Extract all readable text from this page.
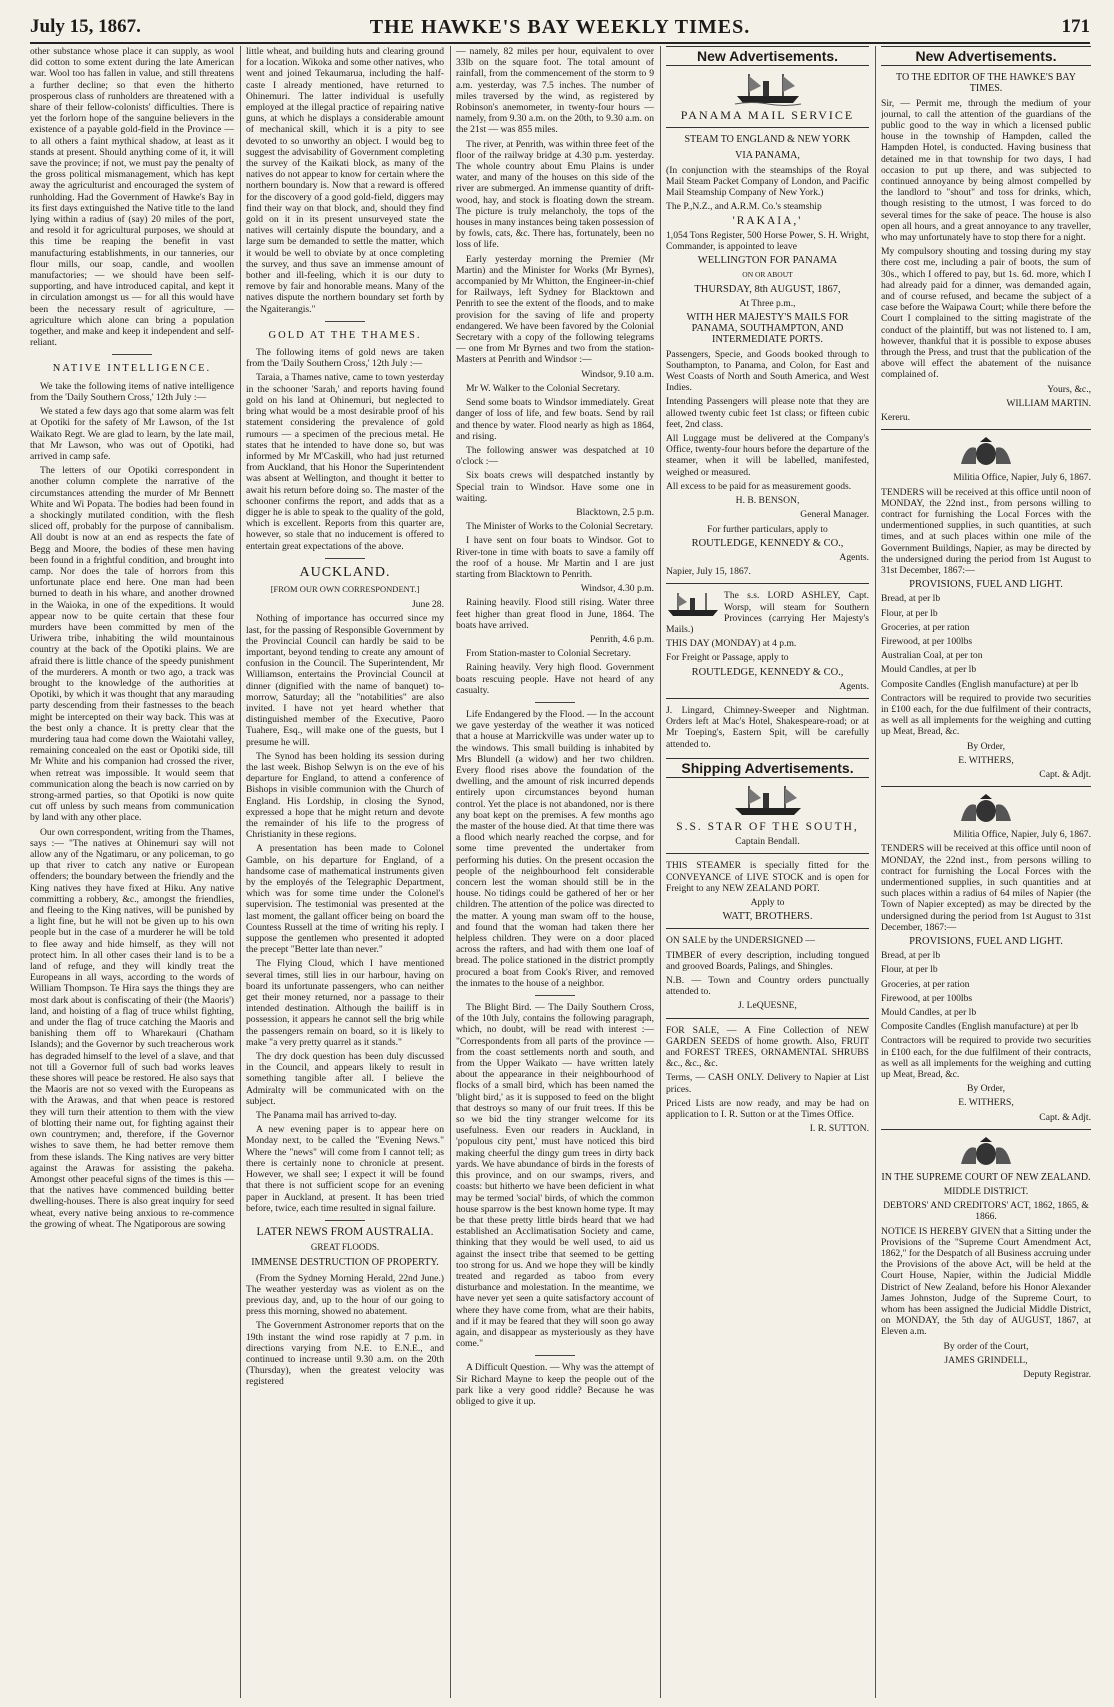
July 15, 1867.	THE HAWKE'S BAY WEEKLY TIMES.	171

other substance whose place it can supply, as wool did cotton to some extent during the late American war. Wool too has fallen in value, and still threatens a further decline; so that even the hitherto prosperous class of runholders are threatened with a share of their fellow-colonists' difficulties. There is yet the forlorn hope of the sanguine believers in the existence of a payable gold-field in the Province — to all others a faint mythical shadow, at least as it stands at present. Should anything come of it, it will save the province; if not, we must pay the penalty of the gross political mismanagement, which has kept away the agriculturist and encouraged the system of runholding. Had the Government of Hawke's Bay in its first days extinguished the Native title to the land lying within a radius of (say) 20 miles of the port, and resold it for agricultural purposes, we should at this time be reaping the benefit in vast manufacturing establishments, in our tanneries, our flour mills, our soap, candle, and woollen manufactories; — we should have been self-supporting, and have introduced capital, and kept it in circulation amongst us — for all this would have been the necessary result of agriculture, — agriculture which alone can bring a population together, and make and keep it independent and self-reliant.

NATIVE INTELLIGENCE.

We take the following items of native intelligence from the 'Daily Southern Cross,' 12th July :—

We stated a few days ago that some alarm was felt at Opotiki for the safety of Mr Lawson, of the 1st Waikato Regt. We are glad to learn, by the late mail, that Mr Lawson, who was out of Opotiki, had arrived in camp safe.

The letters of our Opotiki correspondent in another column complete the narrative of the circumstances attending the murder of Mr Bennett White and Wi Popata. The bodies had been found in a shockingly mutilated condition, with the flesh sliced off, probably for the purpose of cannibalism. All doubt is now at an end as respects the fate of Begg and Moore, the bodies of these men having been found in a frightful condition, and brought into camp. Nor does the tale of horrors from this unfortunate place end here. One man had been burned to death in his whare, and another drowned in the Waioka, in one of the expeditions. It would appear now to be quite certain that these four murders have been committed by men of the Uriwera tribe, inhabiting the wild mountainous country at the back of the Opotiki plains. We are afraid there is little chance of the speedy punishment of the murderers. A month or two ago, a track was brought to the knowledge of the authorities at Opotiki, by which it was thought that any marauding party descending from their fastnesses to the beach might be intercepted on their way back. This was at the best only a chance. It is pretty clear that the murdering taua had come down the Waiotahi valley, remaining concealed on the east or Opotiki side, till Mr White and his companion had crossed the river, when retreat was impossible. It would seem that communication along the beach is now carried on by strong-armed parties, so that Opotiki is now quite cut off unless by such means from communication by land with any other place.

Our own correspondent, writing from the Thames, says :— "The natives at Ohinemuri say will not allow any of the Ngatimaru, or any policeman, to go up that river to catch any native or European offenders; the boundary between the friendly and the King natives they have fixed at Hiku. Any native committing a robbery, &c., amongst the friendlies, and fleeing to the King natives, will be punished by a light fine, but he will not be given up to his own people but in the case of a murderer he will be told to flee away and hide himself, as they will not protect him. In all other cases their land is to be a land of refuge, and they will kindly treat the Europeans in all ways, according to the words of William Thompson. Te Hira says the things they are most dark about is confiscating of their (the Maoris') land, and hoisting of a flag of truce whilst fighting, and under the flag of truce catching the Maoris and banishing them off to Wharekauri (Chatham Islands); and the Governor by such treacherous work has degraded himself to the level of a slave, and that not till a Governor full of such bad works leaves these shores will peace be restored. He also says that the Maoris are not so vexed with the Europeans as with the Arawas, and that when peace is restored they will turn their attention to them with the view of blotting their name out, for fighting against their own countrymen; and, therefore, if the Governor wishes to save them, he had better remove them from these islands. The King natives are very bitter against the Arawas for assisting the pakeha. Amongst other peaceful signs of the times is this — that the natives have commenced building better dwelling-houses. There is also great inquiry for seed wheat, every native being anxious to re-commence the growing of wheat. The Ngatiporous are sowing

little wheat, and building huts and clearing ground for a location. Wikoka and some other natives, who went and joined Tekaumarua, including the half-caste I already mentioned, have returned to Ohinemuri. The latter individual is usefully employed at the illegal practice of repairing native guns, at which he displays a considerable amount of mechanical skill, which it is a pity to see devoted to so unworthy an object. I would beg to suggest the advisability of Government completing the survey of the Kaikati block, as many of the natives do not appear to know for certain where the northern boundary is. Now that a reward is offered for the discovery of a good gold-field, diggers may find their way on that block, and, should they find gold on it in its present unsurveyed state the natives will certainly dispute the boundary, and a large sum be demanded to settle the matter, which it would be well to obviate by at once completing the survey, and thus save an immense amount of bother and ill-feeling, which it is our duty to remove by fair and honorable means. Many of the natives dispute the northern boundary set forth by the Ngaiterangis."

GOLD AT THE THAMES.

The following items of gold news are taken from the 'Daily Southern Cross,' 12th July :—

Taraia, a Thames native, came to town yesterday in the schooner 'Sarah,' and reports having found gold on his land at Ohinemuri, but neglected to bring what would be a most desirable proof of his statement considering the prevalence of gold rumours — a specimen of the precious metal. He states that he intended to have done so, but was informed by Mr M'Caskill, who had just returned from Auckland, that his Honor the Superintendent was absent at Wellington, and thought it better to await his return before doing so. The master of the schooner confirms the report, and adds that as a digger he is able to speak to the quality of the gold, which is excellent. Reports from this quarter are, however, so stale that no inducement is offered to entertain great expectations of the above.

AUCKLAND.
[FROM OUR OWN CORRESPONDENT.]

June 28.

Nothing of importance has occurred since my last, for the passing of Responsible Government by the Provincial Council can hardly be said to be important, beyond tending to create any amount of confusion in the Council. The Superintendent, Mr Williamson, entertains the Provincial Council at dinner (dignified with the name of banquet) to-morrow, Saturday; all the "notabilities" are also invited. I have not yet heard whether that distinguished member of the Executive, Paoro Tuahere, Esq., will make one of the guests, but I presume he will.

The Synod has been holding its session during the last week. Bishop Selwyn is on the eve of his departure for England, to attend a conference of Bishops in visible communion with the Church of England. His Lordship, in closing the Synod, expressed a hope that he might return and devote the remainder of his life to the progress of Christianity in these regions.

A presentation has been made to Colonel Gamble, on his departure for England, of a handsome case of mathematical instruments given by the employés of the Telegraphic Department, which was for some time under the Colonel's supervision. The testimonial was presented at the last moment, the gallant officer being on board the Countess Russell at the time of writing his reply. I suppose the gentlemen who presented it adopted the precept "Better late than never."

The Flying Cloud, which I have mentioned several times, still lies in our harbour, having on board its unfortunate passengers, who can neither get their money returned, nor a passage to their intended destination. Although the bailiff is in possession, it appears he cannot sell the brig while the passengers remain on board, so it is likely to make "a very pretty quarrel as it stands."

The dry dock question has been duly discussed in the Council, and appears likely to result in something tangible after all. I believe the Admiralty will be communicated with on the subject.

The Panama mail has arrived to-day.

A new evening paper is to appear here on Monday next, to be called the "Evening News." Where the "news" will come from I cannot tell; as there is certainly none to chronicle at present. However, we shall see; I expect it will be found that there is not sufficient scope for an evening paper in Auckland, at present. It has been tried before, twice, each time resulted in signal failure.

LATER NEWS FROM AUSTRALIA.
GREAT FLOODS.
IMMENSE DESTRUCTION OF PROPERTY.

(From the Sydney Morning Herald, 22nd June.) The weather yesterday was as violent as on the previous day, and, up to the hour of our going to press this morning, showed no abatement.

The Government Astronomer reports that on the 19th instant the wind rose rapidly at 7 p.m. in directions varying from N.E. to E.N.E., and continued to increase until 9.30 a.m. on the 20th (Thursday), when the greatest velocity was registered

— namely, 82 miles per hour, equivalent to over 33lb on the square foot. The total amount of rainfall, from the commencement of the storm to 9 a.m. yesterday, was 7.5 inches. The number of miles traversed by the wind, as registered by Robinson's anemometer, in twenty-four hours — namely, from 9.30 a.m. on the 20th, to 9.30 a.m. on the 21st — was 855 miles.

The river, at Penrith, was within three feet of the floor of the railway bridge at 4.30 p.m. yesterday. The whole country about Emu Plains is under water, and many of the houses on this side of the river are submerged. An immense quantity of drift-wood, hay, and stock is floating down the stream. The picture is truly melancholy, the tops of the houses in many instances being taken possession of by fowls, cats, &c. There has, fortunately, been no loss of life.

Early yesterday morning the Premier (Mr Martin) and the Minister for Works (Mr Byrnes), accompanied by Mr Whitton, the Engineer-in-chief for Railways, left Sydney for Blacktown and Penrith to see the extent of the floods, and to make provision for the saving of life and property endangered. We have been favored by the Colonial Secretary with a copy of the following telegrams — one from Mr Byrnes and two from the station-Masters at Penrith and Windsor :—

Windsor, 9.10 a.m.

Mr W. Walker to the Colonial Secretary.

Send some boats to Windsor immediately. Great danger of loss of life, and few boats. Send by rail and thence by water. Flood nearly as high as 1864, and rising.

The following answer was despatched at 10 o'clock :—

Six boats crews will despatched instantly by Special train to Windsor. Have some one in waiting.

Blacktown, 2.5 p.m.

The Minister of Works to the Colonial Secretary.

I have sent on four boats to Windsor. Got to River-tone in time with boats to save a family off the roof of a house. Mr Martin and I are just starting from Blacktown to Penrith.

Windsor, 4.30 p.m.

Raining heavily. Flood still rising. Water three feet higher than great flood in June, 1864. The boats have arrived.

Penrith, 4.6 p.m.

From Station-master to Colonial Secretary.

Raining heavily. Very high flood. Government boats rescuing people. Have not heard of any casualty.

Life Endangered by the Flood. — In the account we gave yesterday of the weather it was noticed that a house at Marrickville was under water up to the windows. This small building is inhabited by Mrs Blundell (a widow) and her two children. Every flood rises above the foundation of the dwelling, and the amount of risk incurred depends entirely upon circumstances beyond human control. Yet the place is not abandoned, nor is there any boat kept on the premises. A few months ago the master of the house died. At that time there was a flood which nearly reached the corpse, and for some time prevented the undertaker from performing his duties. On the present occasion the people of the neighbourhood felt considerable concern lest the woman should still be in the house. No tidings could be gathered of her or her children. The attention of the police was directed to the matter. A young man swam off to the house, and found that the woman had taken there her helpless children. They were on a door placed across the rafters, and had with them one loaf of bread. The police stationed in the district promptly procured a boat from Cook's River, and removed the inmates to the house of a neighbor.

The Blight Bird. — The Daily Southern Cross, of the 10th July, contains the following paragraph, which, no doubt, will be read with interest :— "Correspondents from all parts of the province — from the coast settlements north and south, and from the Upper Waikato — have written lately about the appearance in their neighbourhood of flocks of a small bird, which has been named the 'blight bird,' as it is supposed to feed on the blight that destroys so many of our fruit trees. If this be so we bid the tiny stranger welcome for its usefulness. Even our readers in Auckland, in 'populous city pent,' must have noticed this bird making cheerful the dingy gum trees in dirty back yards. We have abundance of birds in the forests of this province, and on our swamps, rivers, and coasts: but hitherto we have been deficient in what may be termed 'social' birds, of which the common house sparrow is the best known home type. It may be that these pretty little birds heard that we had established an Acclimatisation Society and came, thinking that they would be well used, to aid us against the insect tribe that seemed to be getting too strong for us. And we hope they will be kindly treated and regarded as taboo from every disturbance and molestation. In the meantime, we have never yet seen a quite satisfactory account of where they have come from, what are their habits, and if it may be feared that they will soon go away again, and disappear as mysteriously as they have come."

A Difficult Question. — Why was the attempt of Sir Richard Mayne to keep the people out of the park like a very good riddle? Because he was obliged to give it up.

New Advertisements.

PANAMA MAIL SERVICE

STEAM TO ENGLAND & NEW YORK

VIA PANAMA,

(In conjunction with the steamships of the Royal Mail Steam Packet Company of London, and Pacific Mail Steamship Company of New York.)

The P.,N.Z., and A.R.M. Co.'s steamship

'RAKAIA,'

1,054 Tons Register, 500 Horse Power, S. H. Wright, Commander, is appointed to leave

WELLINGTON FOR PANAMA

ON OR ABOUT

THURSDAY, 8th AUGUST, 1867,

At Three p.m.,

WITH HER MAJESTY'S MAILS FOR PANAMA, SOUTHAMPTON, AND INTERMEDIATE PORTS.

Passengers, Specie, and Goods booked through to Southampton, to Panama, and Colon, for East and West Coasts of North and South America, and West Indies.

Intending Passengers will please note that they are allowed twenty cubic feet 1st class; or fifteen cubic feet, 2nd class.

All Luggage must be delivered at the Company's Office, twenty-four hours before the departure of the steamer, when it will be labelled, manifested, weighed or measured.

All excess to be paid for as measurement goods.

H. B. BENSON,

General Manager.

For further particulars, apply to

ROUTLEDGE, KENNEDY & CO.,

Agents.

Napier, July 15, 1867.

The s.s. LORD ASHLEY, Capt. Worsp, will steam for Southern Provinces (carrying Her Majesty's Mails.)

THIS DAY (MONDAY) at 4 p.m.

For Freight or Passage, apply to

ROUTLEDGE, KENNEDY & CO.,

Agents.

J. Lingard, Chimney-Sweeper and Nightman. Orders left at Mac's Hotel, Shakespeare-road; or at Mr Toeping's, Eastern Spit, will be carefully attended to.

Shipping Advertisements.

S.S. STAR OF THE SOUTH,

Captain Bendall.

THIS STEAMER is specially fitted for the CONVEYANCE of LIVE STOCK and is open for Freight to any NEW ZEALAND PORT.

Apply to

WATT, BROTHERS.

ON SALE by the UNDERSIGNED —

TIMBER of every description, including tongued and grooved Boards, Palings, and Shingles.

N.B. — Town and Country orders punctually attended to.

J. LeQUESNE,

FOR SALE, — A Fine Collection of NEW GARDEN SEEDS of home growth. Also, FRUIT and FOREST TREES, ORNAMENTAL SHRUBS &c., &c., &c.

Terms, — CASH ONLY. Delivery to Napier at List prices.

Priced Lists are now ready, and may be had on application to I. R. Sutton or at the Times Office.

I. R. SUTTON.

New Advertisements.

TO THE EDITOR OF THE HAWKE'S BAY TIMES.

Sir, — Permit me, through the medium of your journal, to call the attention of the guardians of the public good to the way in which a licensed public house in the township of Hampden, called the Hampden Hotel, is conducted. Having business that detained me in that township for two days, I had occasion to put up there, and was subjected to continued annoyance by being almost compelled by the landlord to "shout" and toss for drinks, which, though resisting to the utmost, I was forced to do several times for the sake of peace. The house is also open all hours, and a great annoyance to any traveller, who may unfortunately have to stop there for a night.

My compulsory shouting and tossing during my stay there cost me, including a pair of boots, the sum of 30s., which I offered to pay, but 1s. 6d. more, which I had already paid for a dinner, was demanded again, and of course refused, and became the subject of a case before the Waipawa Court; while there before the Court I complained to the sitting magistrate of the conduct of the plaintiff, but was not listened to. I am, however, thankful that it is possible to expose abuses through the Press, and trust that the publication of the above will effect the abatement of the nuisance complained of.

Yours, &c.,

WILLIAM MARTIN.

Kereru.

Militia Office, Napier, July 6, 1867.

TENDERS will be received at this office until noon of MONDAY, the 22nd inst., from persons willing to contract for furnishing the Local Forces with the undermentioned supplies, in such quantities, at such times, and at such places within one mile of the Government Buildings, Napier, as may be directed by the undersigned during the period from 1st August to 31st December, 1867:—

PROVISIONS, FUEL AND LIGHT.

Bread, at per lb

Flour, at per lb

Groceries, at per ration

Firewood, at per 100lbs

Australian Coal, at per ton

Mould Candles, at per lb

Composite Candles (English manufacture) at per lb

Contractors will be required to provide two securities in £100 each, for the due fulfilment of their contracts, as well as all implements for the weighing and cutting up Meat, Bread, &c.

By Order,

E. WITHERS,

Capt. & Adjt.

Militia Office, Napier, July 6, 1867.

TENDERS will be received at this office until noon of MONDAY, the 22nd inst., from persons willing to contract for furnishing the Local Forces with the undermentioned supplies, in such quantities and at such places within a radius of 64 miles of Napier (the Town of Napier excepted) as may be directed by the undersigned during the period from 1st August to 31st December, 1867:—

PROVISIONS, FUEL AND LIGHT.

Bread, at per lb

Flour, at per lb

Groceries, at per ration

Firewood, at per 100lbs

Mould Candles, at per lb

Composite Candles (English manufacture) at per lb

Contractors will be required to provide two securities in £100 each, for the due fulfilment of their contracts, as well as all implements for the weighing and cutting up Meat, Bread, &c.

By Order,

E. WITHERS,

Capt. & Adjt.

IN THE SUPREME COURT OF NEW ZEALAND.

MIDDLE DISTRICT.

DEBTORS' AND CREDITORS' ACT, 1862, 1865, & 1866.

NOTICE IS HEREBY GIVEN that a Sitting under the Provisions of the "Supreme Court Amendment Act, 1862," for the Despatch of all Business accruing under the Provisions of the above Act, will be held at the Court House, Napier, within the Judicial Middle District of New Zealand, before his Honor Alexander James Johnston, Judge of the Supreme Court, to whom has been assigned the Judicial Middle District, on MONDAY, the 5th day of AUGUST, 1867, at Eleven a.m.

By order of the Court,

JAMES GRINDELL,

Deputy Registrar.
